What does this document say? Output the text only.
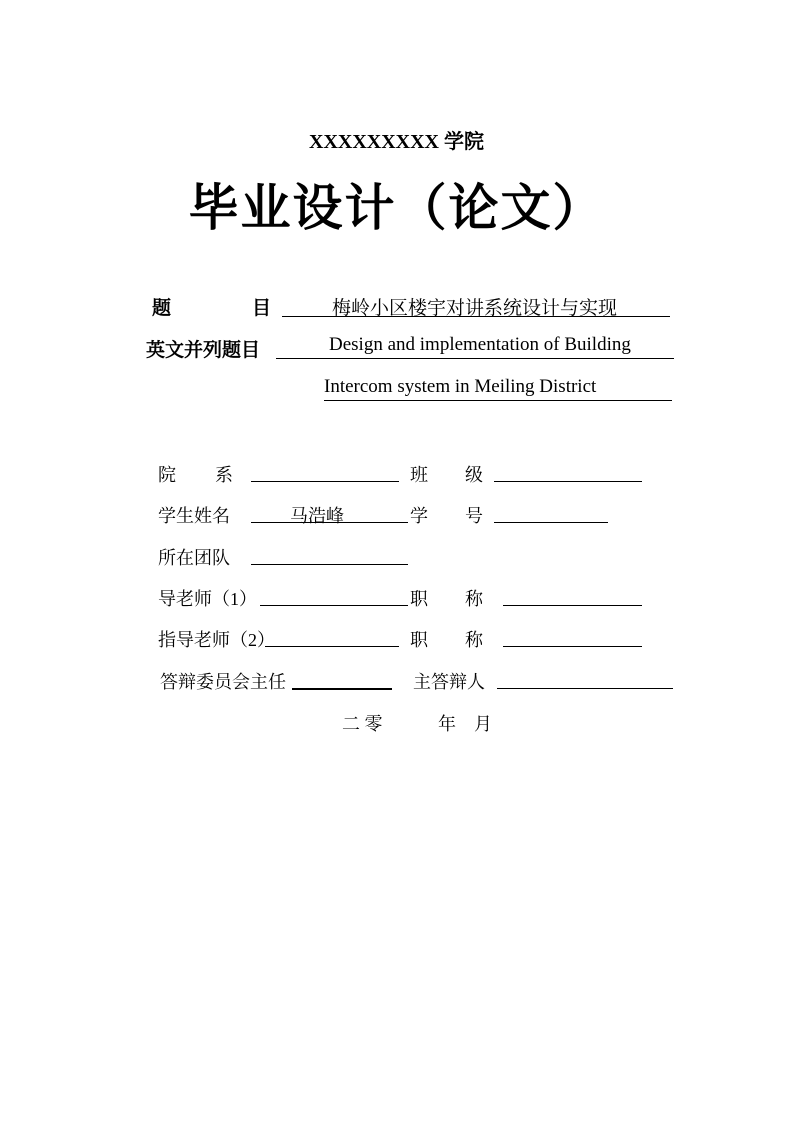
XXXXXXXXX 学院
毕业设计（论文）
题	目	梅岭小区楼宇对讲系统设计与实现
英文并列题目	Design and implementation of Building
Intercom system in Meiling District
院 系	班 级
学生姓名	马浩峰	学 号
所在团队
导老师（1）	职 称
指导老师（2）	职 称
答辩委员会主任	主答辩人
二 零	年 月
